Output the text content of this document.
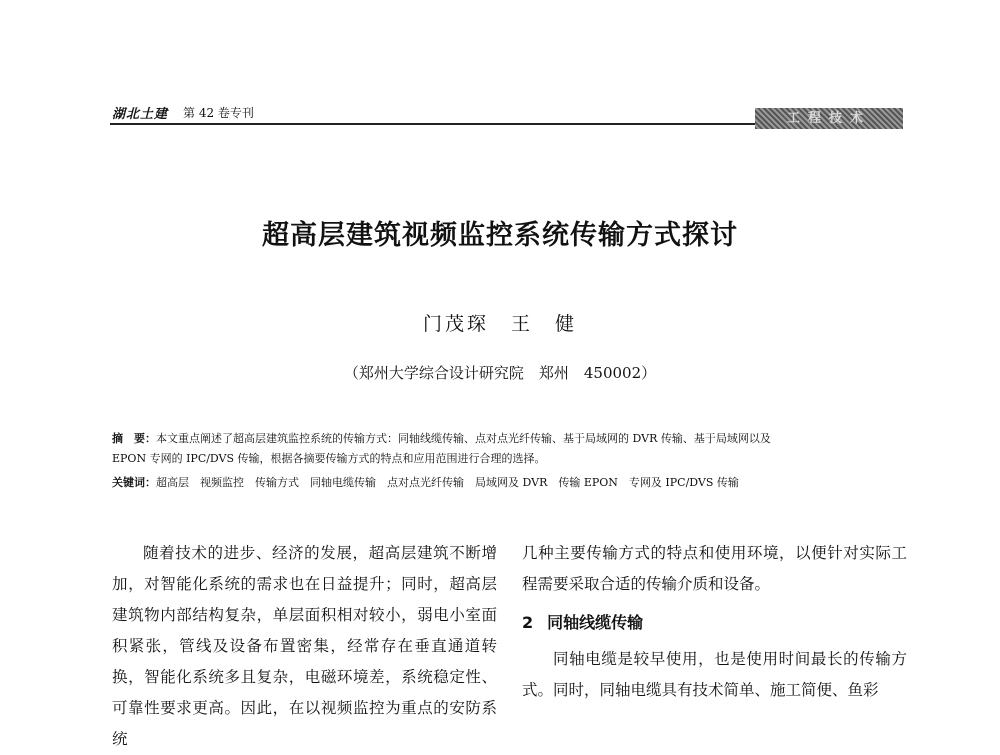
湖北土建 第 42 卷专刊	工程技术
超高层建筑视频监控系统传输方式探讨
门茂琛　王　健
（郑州大学综合设计研究院　郑州　450002）
摘　要：本文重点阐述了超高层建筑监控系统的传输方式：同轴线缆传输、点对点光纤传输、基于局域网的 DVR 传输、基于局域网以及
EPON 专网的 IPC/DVS 传输，根据各摘要传输方式的特点和应用范围进行合理的选择。
关键词：超高层　视频监控　传输方式　同轴电缆传输　点对点光纤传输　局域网及 DVR　传输 EPON　专网及 IPC/DVS 传输

随着技术的进步、经济的发展，超高层建筑不断增加，对智能化系统的需求也在日益提升；同时，超高层建筑物内部结构复杂，单层面积相对较小，弱电小室面积紧张，管线及设备布置密集，经常存在垂直通道转换，智能化系统多且复杂，电磁环境差，系统稳定性、可靠性要求更高。因此，在以视频监控为重点的安防系统

几种主要传输方式的特点和使用环境，以便针对实际工程需要采取合适的传输介质和设备。

2 同轴线缆传输

同轴电缆是较早使用，也是使用时间最长的传输方式。同时，同轴电缆具有技术简单、施工简便、鱼彩
